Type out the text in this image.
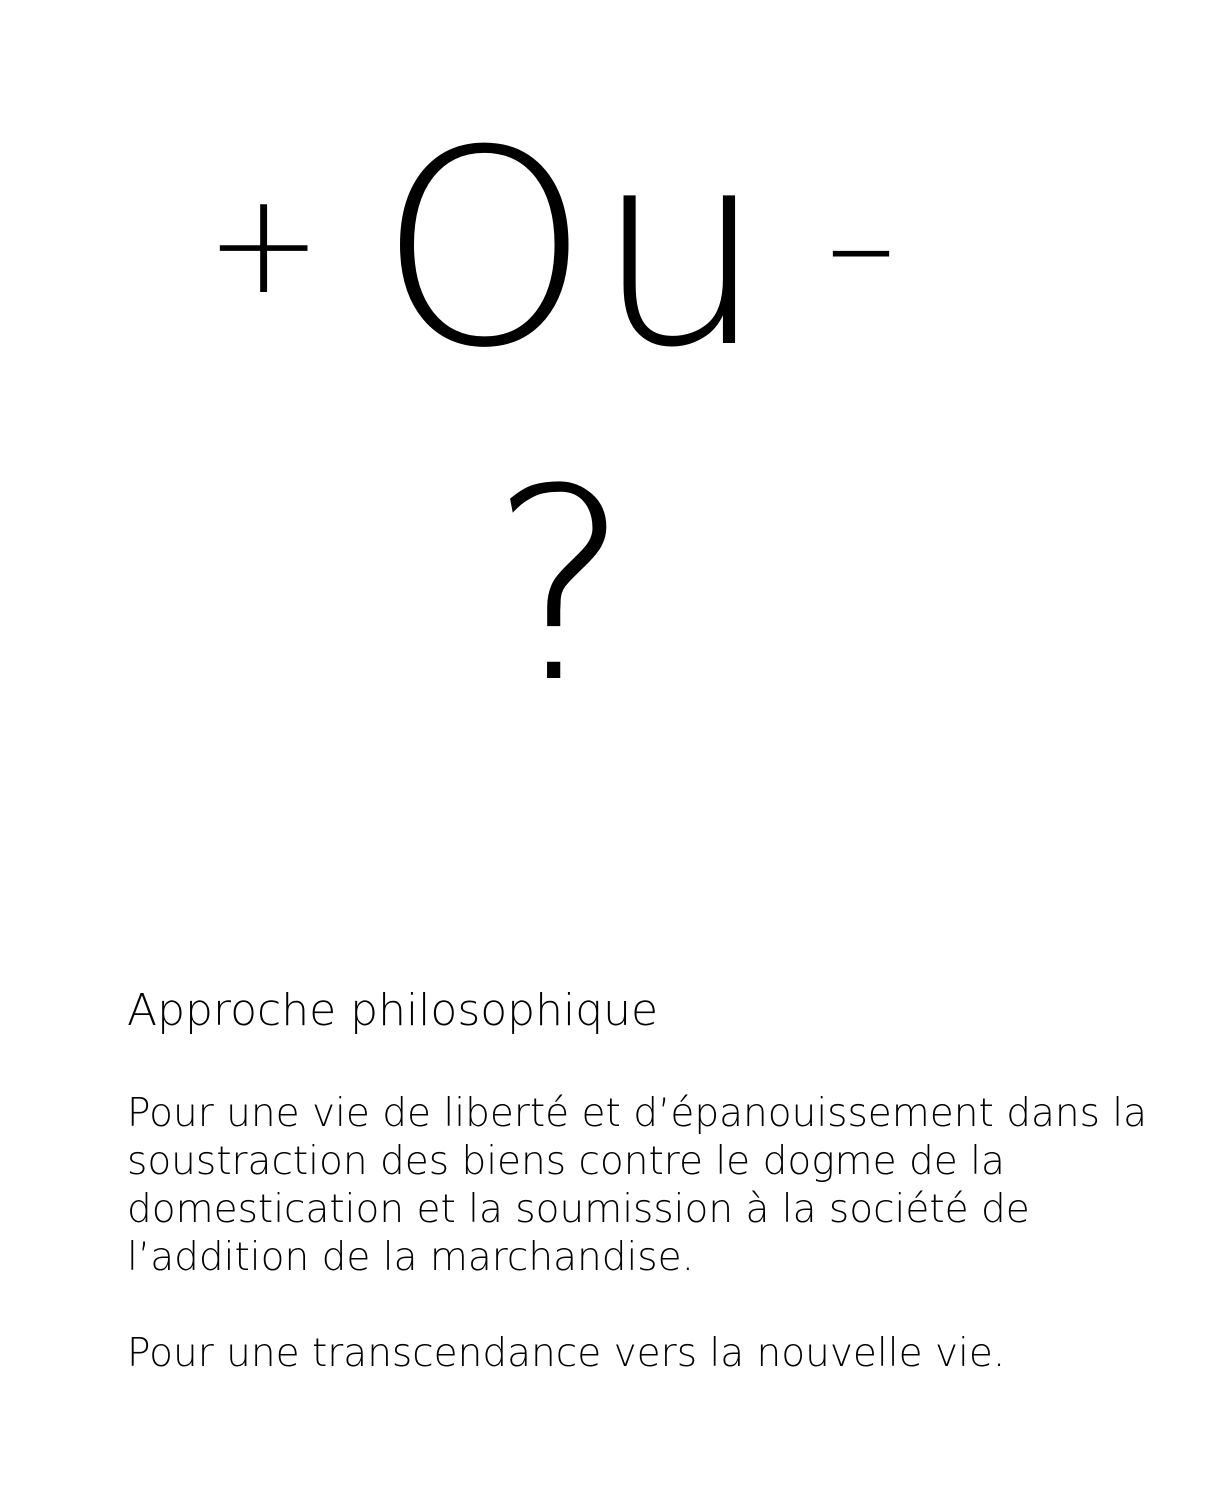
+ Ou –
?
Approche philosophique
Pour une vie de liberté et d’épanouissement dans la
soustraction des biens contre le dogme de la
domestication et la soumission à la société de
l’addition de la marchandise.
Pour une transcendance vers la nouvelle vie.
